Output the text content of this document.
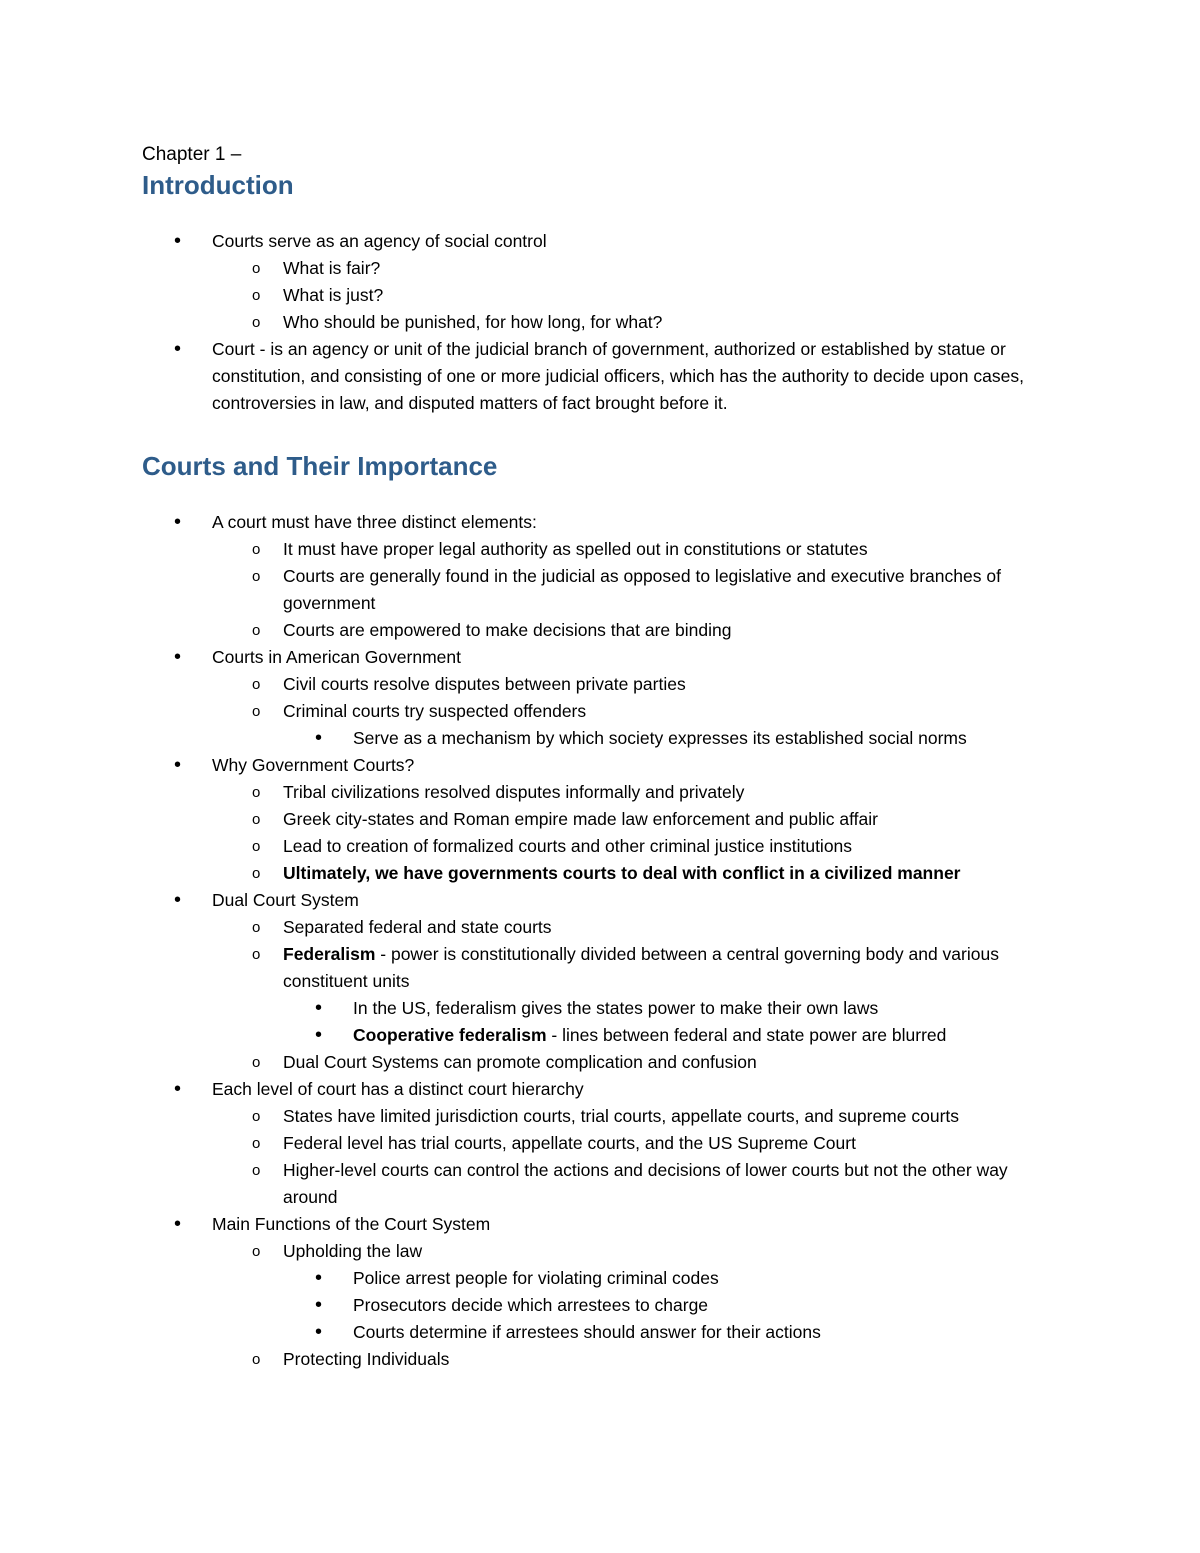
Chapter 1 –

Introduction
• Courts serve as an agency of social control
o What is fair?
o What is just?
o Who should be punished, for how long, for what?
• Court - is an agency or unit of the judicial branch of government, authorized or established by statue or constitution, and consisting of one or more judicial officers, which has the authority to decide upon cases, controversies in law, and disputed matters of fact brought before it.
Courts and Their Importance
• A court must have three distinct elements:
o It must have proper legal authority as spelled out in constitutions or statutes
o Courts are generally found in the judicial as opposed to legislative and executive branches of government
o Courts are empowered to make decisions that are binding
• Courts in American Government
o Civil courts resolve disputes between private parties
o Criminal courts try suspected offenders
• Serve as a mechanism by which society expresses its established social norms
• Why Government Courts?
o Tribal civilizations resolved disputes informally and privately
o Greek city-states and Roman empire made law enforcement and public affair
o Lead to creation of formalized courts and other criminal justice institutions
o Ultimately, we have governments courts to deal with conflict in a civilized manner
• Dual Court System
o Separated federal and state courts
o Federalism - power is constitutionally divided between a central governing body and various constituent units
• In the US, federalism gives the states power to make their own laws
• Cooperative federalism - lines between federal and state power are blurred
o Dual Court Systems can promote complication and confusion
• Each level of court has a distinct court hierarchy
o States have limited jurisdiction courts, trial courts, appellate courts, and supreme courts
o Federal level has trial courts, appellate courts, and the US Supreme Court
o Higher-level courts can control the actions and decisions of lower courts but not the other way around
• Main Functions of the Court System
o Upholding the law
• Police arrest people for violating criminal codes
• Prosecutors decide which arrestees to charge
• Courts determine if arrestees should answer for their actions
o Protecting Individuals
